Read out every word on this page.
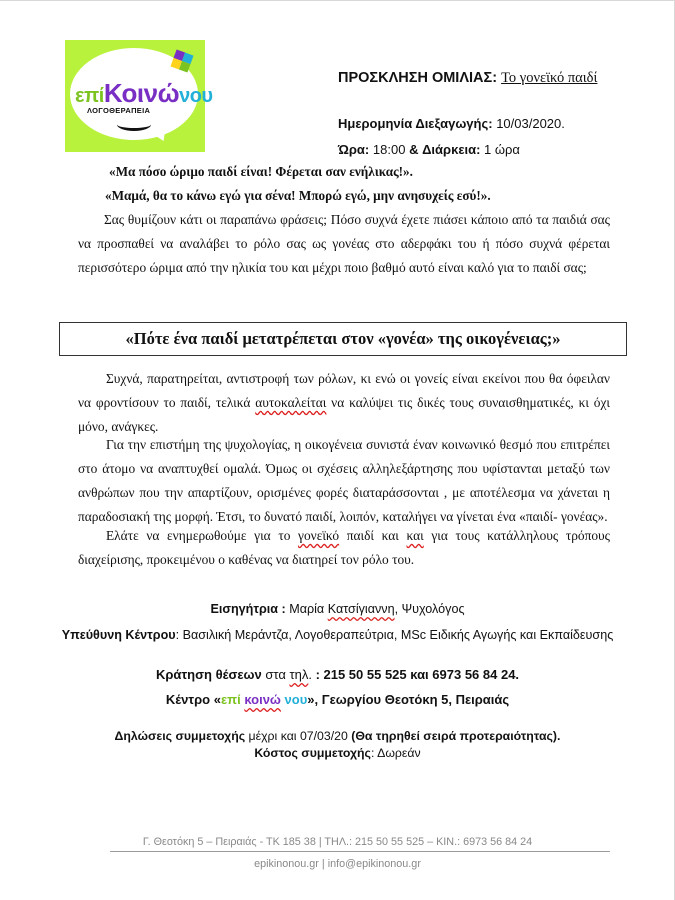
επίΚοινώνου
ΛΟΓΟΘΕΡΑΠΕΙΑ
ΠΡΟΣΚΛΗΣΗ ΟΜΙΛΙΑΣ: Το γονεϊκό παιδί
Ημερομηνία Διεξαγωγής: 10/03/2020.
Ώρα: 18:00 & Διάρκεια: 1 ώρα
«Μα πόσο ώριμο παιδί είναι! Φέρεται σαν ενήλικας!».
«Μαμά, θα το κάνω εγώ για σένα! Μπορώ εγώ, μην ανησυχείς εσύ!».
Σας θυμίζουν κάτι οι παραπάνω φράσεις; Πόσο συχνά έχετε πιάσει κάποιο από τα παιδιά σας να προσπαθεί να αναλάβει το ρόλο σας ως γονέας στο αδερφάκι του ή πόσο συχνά φέρεται περισσότερο ώριμα από την ηλικία του και μέχρι ποιο βαθμό αυτό είναι καλό για το παιδί σας;
«Πότε ένα παιδί μετατρέπεται στον «γονέα» της οικογένειας;»
Συχνά, παρατηρείται, αντιστροφή των ρόλων, κι ενώ οι γονείς είναι εκείνοι που θα όφειλαν να φροντίσουν το παιδί, τελικά αυτοκαλείται να καλύψει τις δικές τους συναισθηματικές, κι όχι μόνο, ανάγκες.
Για την επιστήμη της ψυχολογίας, η οικογένεια συνιστά έναν κοινωνικό θεσμό που επιτρέπει στο άτομο να αναπτυχθεί ομαλά. Όμως οι σχέσεις αλληλεξάρτησης που υφίστανται μεταξύ των ανθρώπων που την απαρτίζουν, ορισμένες φορές διαταράσσονται , με αποτέλεσμα να χάνεται η παραδοσιακή της μορφή. Έτσι, το δυνατό παιδί, λοιπόν, καταλήγει να γίνεται ένα «παιδί- γονέας».
Ελάτε να ενημερωθούμε για το γονεϊκό παιδί και και για τους κατάλληλους τρόπους διαχείρισης, προκειμένου ο καθένας να διατηρεί τον ρόλο του.
Εισηγήτρια : Μαρία Κατσίγιαννη, Ψυχολόγος
Υπεύθυνη Κέντρου: Βασιλική Μεράντζα, Λογοθεραπεύτρια, MSc Ειδικής Αγωγής και Εκπαίδευσης
Κράτηση θέσεων στα τηλ. : 215 50 55 525 και 6973 56 84 24.
Κέντρο «επί κοινώ νου», Γεωργίου Θεοτόκη 5, Πειραιάς
Δηλώσεις συμμετοχής μέχρι και 07/03/20 (Θα τηρηθεί σειρά προτεραιότητας).
Κόστος συμμετοχής: Δωρεάν
Γ. Θεοτόκη 5 – Πειραιάς - ΤΚ 185 38 | ΤΗΛ.: 215 50 55 525 – ΚΙΝ.: 6973 56 84 24
epikinonou.gr | info@epikinonou.gr
